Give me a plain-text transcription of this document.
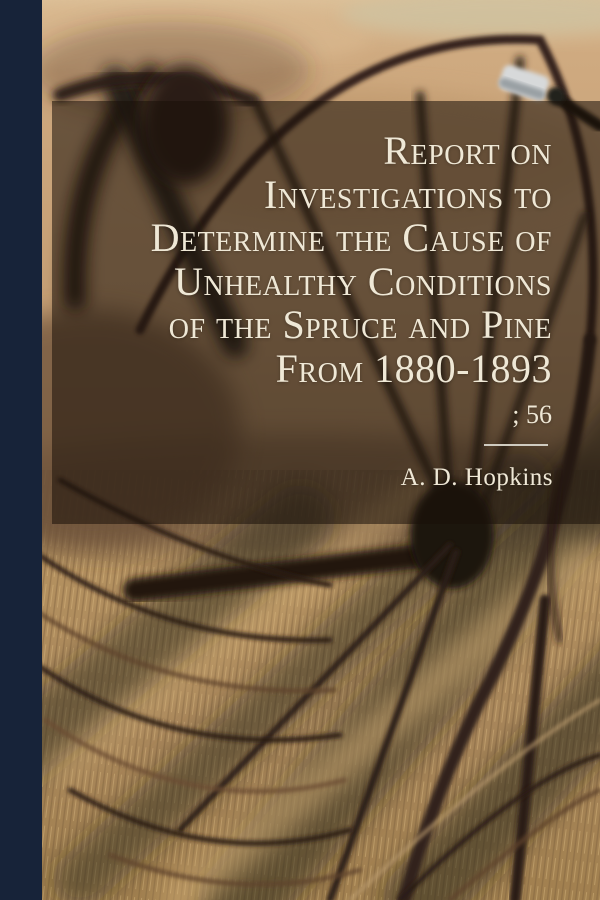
Report on
Investigations to
Determine the Cause of
Unhealthy Conditions
of the Spruce and Pine
From 1880-1893
; 56
A. D. Hopkins
